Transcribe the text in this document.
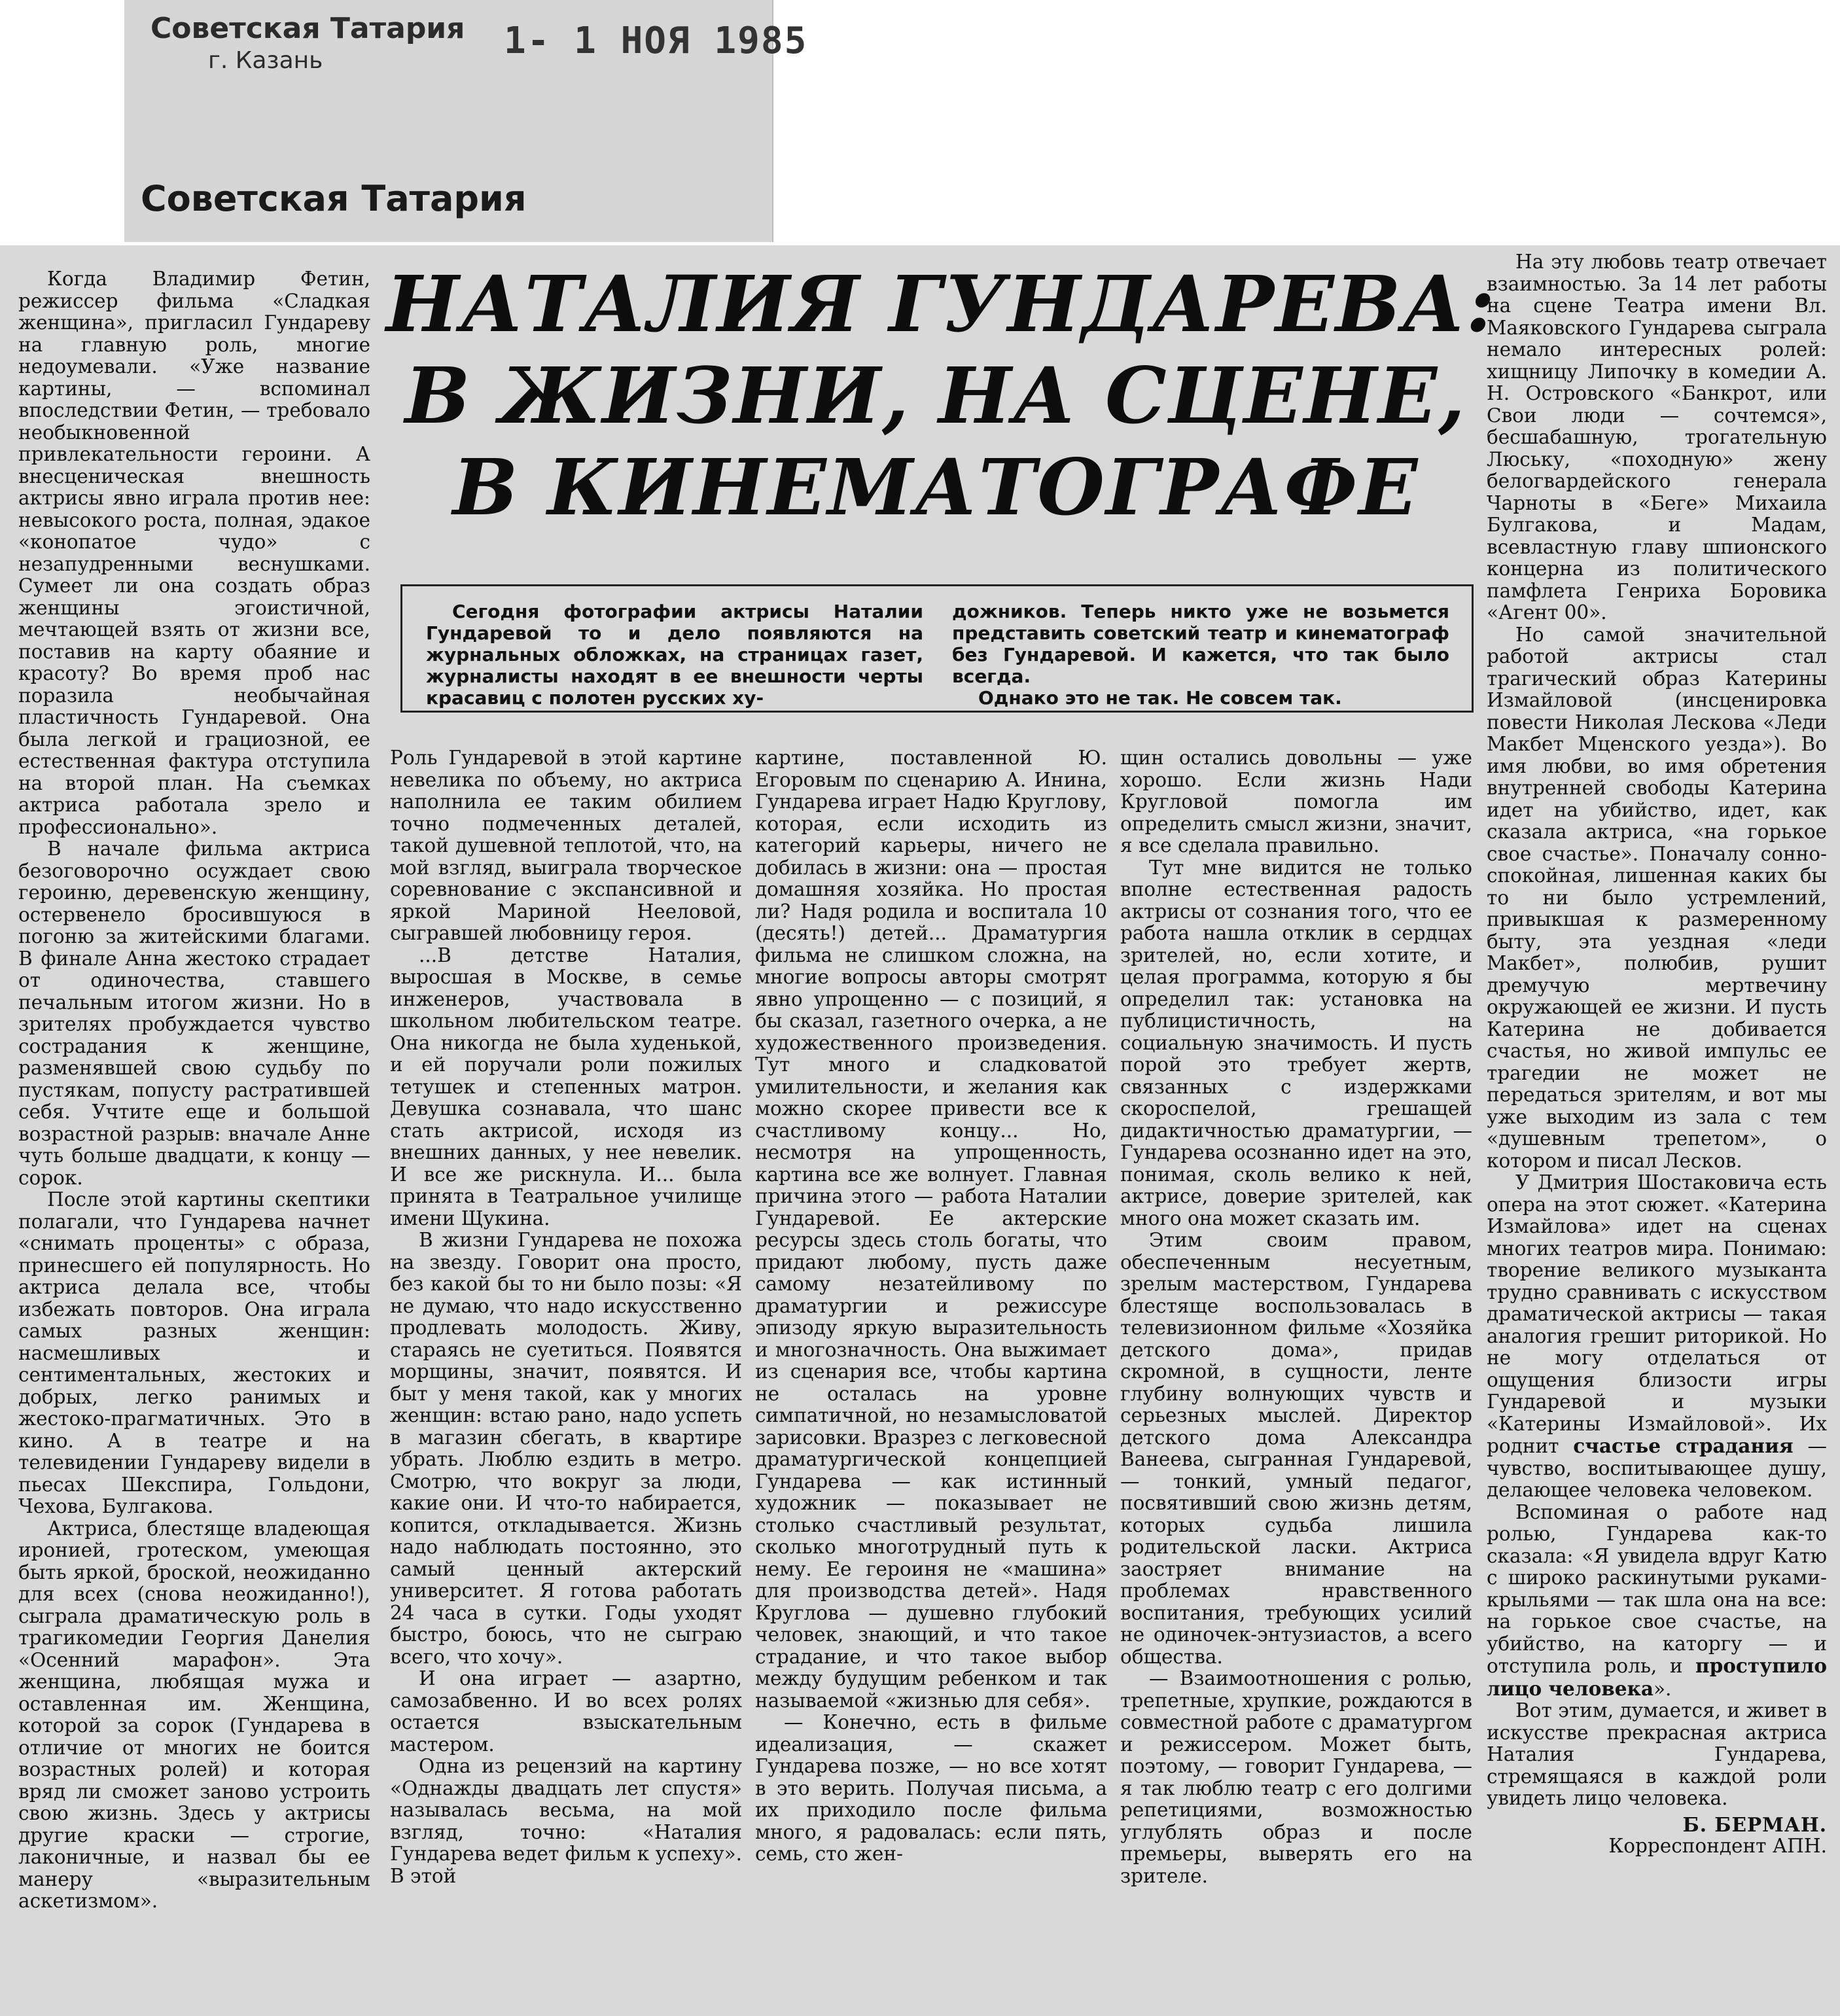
Советская Татария
г. Казань	1- 1 НОЯ 1985
Советская Татария
НАТАЛИЯ ГУНДАРЕВА:
В ЖИЗНИ, НА СЦЕНЕ,
В КИНЕМАТОГРАФЕ

Сегодня фотографии актрисы Наталии Гундаревой то и дело появляются на журнальных обложках, на страницах газет, журналисты находят в ее внешности черты красавиц с полотен русских ху-

дожников. Теперь никто уже не возьмется представить советский театр и кинематограф без Гундаревой. И кажется, что так было всегда.

Однако это не так. Не совсем так.

Когда Владимир Фетин, режиссер фильма «Сладкая женщина», пригласил Гундареву на главную роль, многие недоумевали. «Уже название картины, — вспоминал впоследствии Фетин, — требовало необыкновенной привлекательности героини. А внесценическая внешность актрисы явно играла против нее: невысокого роста, полная, эдакое «конопатое чудо» с незапудренными веснушками. Сумеет ли она создать образ женщины эгоистичной, мечтающей взять от жизни все, поставив на карту обаяние и красоту? Во время проб нас поразила необычайная пластичность Гундаревой. Она была легкой и грациозной, ее естественная фактура отступила на второй план. На съемках актриса работала зрело и профессионально».

В начале фильма актриса безоговорочно осуждает свою героиню, деревенскую женщину, остервенело бросившуюся в погоню за житейскими благами. В финале Анна жестоко страдает от одиночества, ставшего печальным итогом жизни. Но в зрителях пробуждается чувство сострадания к женщине, разменявшей свою судьбу по пустякам, попусту растратившей себя. Учтите еще и большой возрастной разрыв: вначале Анне чуть больше двадцати, к концу — сорок.

После этой картины скептики полагали, что Гундарева начнет «снимать проценты» с образа, принесшего ей популярность. Но актриса делала все, чтобы избежать повторов. Она играла самых разных женщин: насмешливых и сентиментальных, жестоких и добрых, легко ранимых и жестоко-прагматичных. Это в кино. А в театре и на телевидении Гундареву видели в пьесах Шекспира, Гольдони, Чехова, Булгакова.

Актриса, блестяще владеющая иронией, гротеском, умеющая быть яркой, броской, неожиданно для всех (снова неожиданно!), сыграла драматическую роль в трагикомедии Георгия Данелия «Осенний марафон». Эта женщина, любящая мужа и оставленная им. Женщина, которой за сорок (Гундарева в отличие от многих не боится возрастных ролей) и которая вряд ли сможет заново устроить свою жизнь. Здесь у актрисы другие краски — строгие, лаконичные, и назвал бы ее манеру «выразительным аскетизмом».

Роль Гундаревой в этой картине невелика по объему, но актриса наполнила ее таким обилием точно подмеченных деталей, такой душевной теплотой, что, на мой взгляд, выиграла творческое соревнование с экспансивной и яркой Мариной Нееловой, сыгравшей любовницу героя.

...В детстве Наталия, выросшая в Москве, в семье инженеров, участвовала в школьном любительском театре. Она никогда не была худенькой, и ей поручали роли пожилых тетушек и степенных матрон. Девушка сознавала, что шанс стать актрисой, исходя из внешних данных, у нее невелик. И все же рискнула. И... была принята в Театральное училище имени Щукина.

В жизни Гундарева не похожа на звезду. Говорит она просто, без какой бы то ни было позы: «Я не думаю, что надо искусственно продлевать молодость. Живу, стараясь не суетиться. Появятся морщины, значит, появятся. И быт у меня такой, как у многих женщин: встаю рано, надо успеть в магазин сбегать, в квартире убрать. Люблю ездить в метро. Смотрю, что вокруг за люди, какие они. И что-то набирается, копится, откладывается. Жизнь надо наблюдать постоянно, это самый ценный актерский университет. Я готова работать 24 часа в сутки. Годы уходят быстро, боюсь, что не сыграю всего, что хочу».

И она играет — азартно, самозабвенно. И во всех ролях остается взыскательным мастером.

Одна из рецензий на картину «Однажды двадцать лет спустя» называлась весьма, на мой взгляд, точно: «Наталия Гундарева ведет фильм к успеху». В этой

картине, поставленной Ю. Егоровым по сценарию А. Инина, Гундарева играет Надю Круглову, которая, если исходить из категорий карьеры, ничего не добилась в жизни: она — простая домашняя хозяйка. Но простая ли? Надя родила и воспитала 10 (десять!) детей... Драматургия фильма не слишком сложна, на многие вопросы авторы смотрят явно упрощенно — с позиций, я бы сказал, газетного очерка, а не художественного произведения. Тут много и сладковатой умилительности, и желания как можно скорее привести все к счастливому концу... Но, несмотря на упрощенность, картина все же волнует. Главная причина этого — работа Наталии Гундаревой. Ее актерские ресурсы здесь столь богаты, что придают любому, пусть даже самому незатейливому по драматургии и режиссуре эпизоду яркую выразительность и многозначность. Она выжимает из сценария все, чтобы картина не осталась на уровне симпатичной, но незамысловатой зарисовки. Вразрез с легковесной драматургической концепцией Гундарева — как истинный художник — показывает не столько счастливый результат, сколько многотрудный путь к нему. Ее героиня не «машина» для производства детей». Надя Круглова — душевно глубокий человек, знающий, и что такое страдание, и что такое выбор между будущим ребенком и так называемой «жизнью для себя».

— Конечно, есть в фильме идеализация, — скажет Гундарева позже, — но все хотят в это верить. Получая письма, а их приходило после фильма много, я радовалась: если пять, семь, сто жен-

щин остались довольны — уже хорошо. Если жизнь Нади Кругловой помогла им определить смысл жизни, значит, я все сделала правильно.

Тут мне видится не только вполне естественная радость актрисы от сознания того, что ее работа нашла отклик в сердцах зрителей, но, если хотите, и целая программа, которую я бы определил так: установка на публицистичность, на социальную значимость. И пусть порой это требует жертв, связанных с издержками скороспелой, грешащей дидактичностью драматургии, — Гундарева осознанно идет на это, понимая, сколь велико к ней, актрисе, доверие зрителей, как много она может сказать им.

Этим своим правом, обеспеченным несуетным, зрелым мастерством, Гундарева блестяще воспользовалась в телевизионном фильме «Хозяйка детского дома», придав скромной, в сущности, ленте глубину волнующих чувств и серьезных мыслей. Директор детского дома Александра Ванеева, сыгранная Гундаревой, — тонкий, умный педагог, посвятивший свою жизнь детям, которых судьба лишила родительской ласки. Актриса заостряет внимание на проблемах нравственного воспитания, требующих усилий не одиночек-энтузиастов, а всего общества.

— Взаимоотношения с ролью, трепетные, хрупкие, рождаются в совместной работе с драматургом и режиссером. Может быть, поэтому, — говорит Гундарева, — я так люблю театр с его долгими репетициями, возможностью углублять образ и после премьеры, выверять его на зрителе.

На эту любовь театр отвечает взаимностью. За 14 лет работы на сцене Театра имени Вл. Маяковского Гундарева сыграла немало интересных ролей: хищницу Липочку в комедии А. Н. Островского «Банкрот, или Свои люди — сочтемся», бесшабашную, трогательную Люську, «походную» жену белогвардейского генерала Чарноты в «Беге» Михаила Булгакова, и Мадам, всевластную главу шпионского концерна из политического памфлета Генриха Боровика «Агент 00».

Но самой значительной работой актрисы стал трагический образ Катерины Измайловой (инсценировка повести Николая Лескова «Леди Макбет Мценского уезда»). Во имя любви, во имя обретения внутренней свободы Катерина идет на убийство, идет, как сказала актриса, «на горькое свое счастье». Поначалу сонно-спокойная, лишенная каких бы то ни было устремлений, привыкшая к размеренному быту, эта уездная «леди Макбет», полюбив, рушит дремучую мертвечину окружающей ее жизни. И пусть Катерина не добивается счастья, но живой импульс ее трагедии не может не передаться зрителям, и вот мы уже выходим из зала с тем «душевным трепетом», о котором и писал Лесков.

У Дмитрия Шостаковича есть опера на этот сюжет. «Катерина Измайлова» идет на сценах многих театров мира. Понимаю: творение великого музыканта трудно сравнивать с искусством драматической актрисы — такая аналогия грешит риторикой. Но не могу отделаться от ощущения близости игры Гундаревой и музыки «Катерины Измайловой». Их роднит счастье страдания — чувство, воспитывающее душу, делающее человека человеком.

Вспоминая о работе над ролью, Гундарева как-то сказала: «Я увидела вдруг Катю с широко раскинутыми руками-крыльями — так шла она на все: на горькое свое счастье, на убийство, на каторгу — и отступила роль, и проступило лицо человека».

Вот этим, думается, и живет в искусстве прекрасная актриса Наталия Гундарева, стремящаяся в каждой роли увидеть лицо человека.

Б. БЕРМАН.
Корреспондент АПН.
